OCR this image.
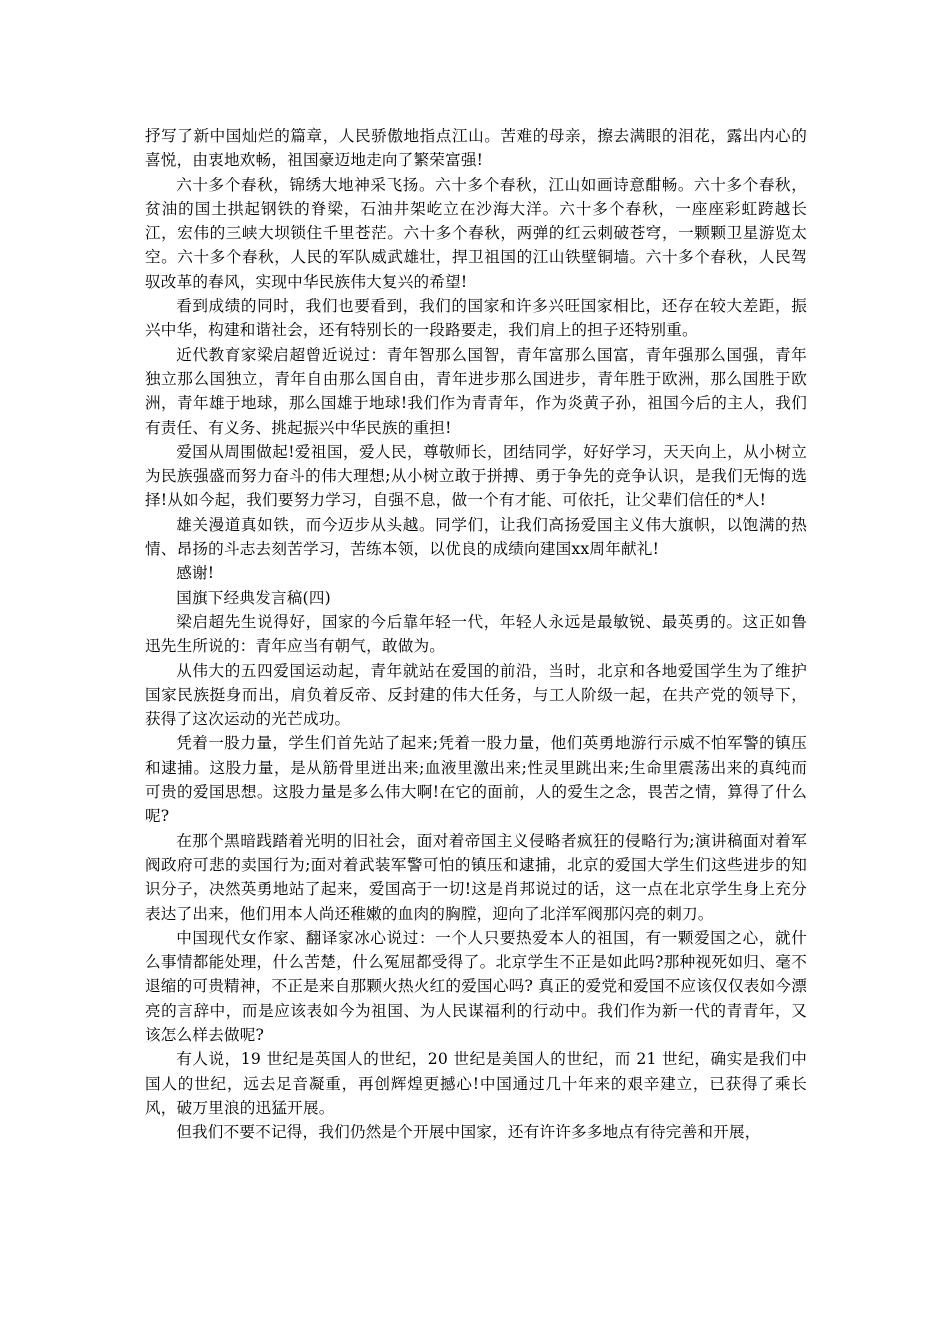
抒写了新中国灿烂的篇章，人民骄傲地指点江山。苦难的母亲，擦去满眼的泪花，露出内心的喜悦，由衷地欢畅，祖国豪迈地走向了繁荣富强!

六十多个春秋，锦绣大地神采飞扬。六十多个春秋，江山如画诗意酣畅。六十多个春秋，贫油的国土拱起钢铁的脊梁，石油井架屹立在沙海大洋。六十多个春秋，一座座彩虹跨越长江，宏伟的三峡大坝锁住千里苍茫。六十多个春秋，两弹的红云刺破苍穹，一颗颗卫星游览太空。六十多个春秋，人民的军队威武雄壮，捍卫祖国的江山铁壁铜墙。六十多个春秋，人民驾驭改革的春风，实现中华民族伟大复兴的希望!

看到成绩的同时，我们也要看到，我们的国家和许多兴旺国家相比，还存在较大差距，振兴中华，构建和谐社会，还有特别长的一段路要走，我们肩上的担子还特别重。

近代教育家梁启超曾近说过：青年智那么国智，青年富那么国富，青年强那么国强，青年独立那么国独立，青年自由那么国自由，青年进步那么国进步，青年胜于欧洲，那么国胜于欧洲，青年雄于地球，那么国雄于地球!我们作为青青年，作为炎黄子孙，祖国今后的主人，我们有责任、有义务、挑起振兴中华民族的重担!

爱国从周围做起!爱祖国，爱人民，尊敬师长，团结同学，好好学习，天天向上，从小树立为民族强盛而努力奋斗的伟大理想;从小树立敢于拼搏、勇于争先的竞争认识，是我们无悔的选择!从如今起，我们要努力学习，自强不息，做一个有才能、可依托，让父辈们信任的*人!

雄关漫道真如铁，而今迈步从头越。同学们，让我们高扬爱国主义伟大旗帜，以饱满的热情、昂扬的斗志去刻苦学习，苦练本领，以优良的成绩向建国xx周年献礼!

感谢!

国旗下经典发言稿(四)

梁启超先生说得好，国家的今后靠年轻一代，年轻人永远是最敏锐、最英勇的。这正如鲁迅先生所说的：青年应当有朝气，敢做为。

从伟大的五四爱国运动起，青年就站在爱国的前沿，当时，北京和各地爱国学生为了维护国家民族挺身而出，肩负着反帝、反封建的伟大任务，与工人阶级一起，在共产党的领导下，获得了这次运动的光芒成功。

凭着一股力量，学生们首先站了起来;凭着一股力量，他们英勇地游行示威不怕军警的镇压和逮捕。这股力量，是从筋骨里迸出来;血液里激出来;性灵里跳出来;生命里震荡出来的真纯而可贵的爱国思想。这股力量是多么伟大啊!在它的面前，人的爱生之念，畏苦之情，算得了什么呢?

在那个黑暗践踏着光明的旧社会，面对着帝国主义侵略者疯狂的侵略行为;演讲稿面对着军阀政府可悲的卖国行为;面对着武装军警可怕的镇压和逮捕，北京的爱国大学生们这些进步的知识分子，决然英勇地站了起来，爱国高于一切!这是肖邦说过的话，这一点在北京学生身上充分表达了出来，他们用本人尚还稚嫩的血肉的胸膛，迎向了北洋军阀那闪亮的刺刀。

中国现代女作家、翻译家冰心说过：一个人只要热爱本人的祖国，有一颗爱国之心，就什么事情都能处理，什么苦楚，什么冤屈都受得了。北京学生不正是如此吗?那种视死如归、毫不退缩的可贵精神，不正是来自那颗火热火红的爱国心吗? 真正的爱党和爱国不应该仅仅表如今漂亮的言辞中，而是应该表如今为祖国、为人民谋福利的行动中。我们作为新一代的青青年，又该怎么样去做呢?

有人说，19 世纪是英国人的世纪，20 世纪是美国人的世纪，而 21 世纪，确实是我们中国人的世纪，远去足音凝重，再创辉煌更撼心!中国通过几十年来的艰辛建立，已获得了乘长风，破万里浪的迅猛开展。

但我们不要不记得，我们仍然是个开展中国家，还有许许多多地点有待完善和开展，
